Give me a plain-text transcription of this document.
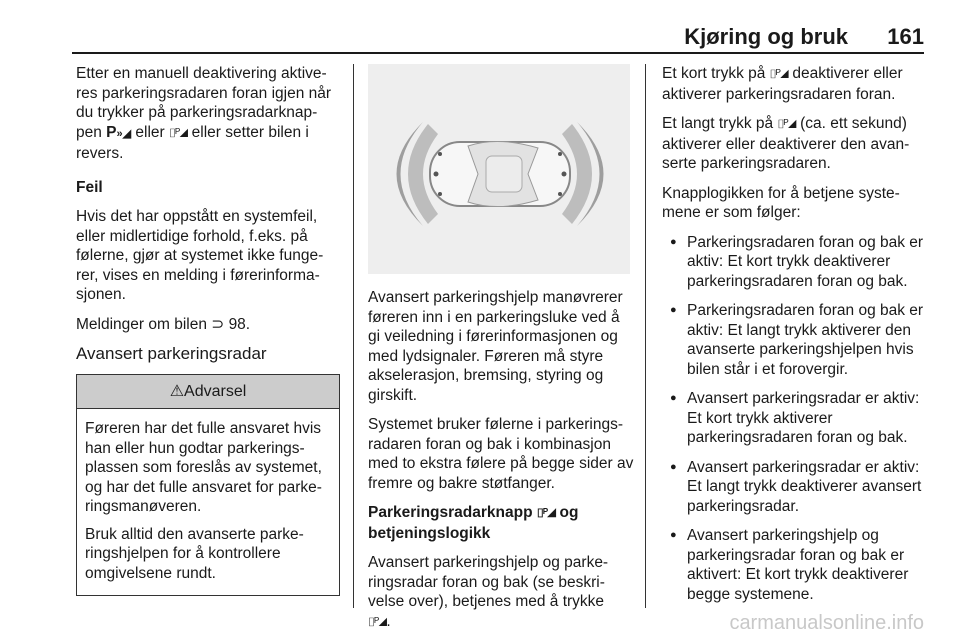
Kjøring og bruk 161

Etter en manuell deaktivering aktive-res parkeringsradaren foran igjen når du trykker på parkeringsradarknap-pen P»◢ eller ⌷ᴾ◢ eller setter bilen i revers.

Feil

Hvis det har oppstått en systemfeil, eller midlertidige forhold, f.eks. på følerne, gjør at systemet ikke funge-rer, vises en melding i førerinforma-sjonen.

Meldinger om bilen ⊃ 98.

Avansert parkeringsradar

⚠Advarsel

Føreren har det fulle ansvaret hvis han eller hun godtar parkerings-plassen som foreslås av systemet, og har det fulle ansvaret for parke-ringsmanøveren.

Bruk alltid den avanserte parke-ringshjelpen for å kontrollere omgivelsene rundt.

Avansert parkeringshjelp manøvrerer føreren inn i en parkeringsluke ved å gi veiledning i førerinformasjonen og med lydsignaler. Føreren må styre akselerasjon, bremsing, styring og girskift.

Systemet bruker følerne i parkerings-radaren foran og bak i kombinasjon med to ekstra følere på begge sider av fremre og bakre støtfanger.

Parkeringsradarknapp ⌷ᴾ◢ og betjeningslogikk

Avansert parkeringshjelp og parke-ringsradar foran og bak (se beskri-velse over), betjenes med å trykke
⌷ᴾ◢.

Et kort trykk på ⌷ᴾ◢ deaktiverer eller aktiverer parkeringsradaren foran.

Et langt trykk på ⌷ᴾ◢ (ca. ett sekund) aktiverer eller deaktiverer den avan-serte parkeringsradaren.

Knapplogikken for å betjene syste-mene er som følger:

● Parkeringsradaren foran og bak er aktiv: Et kort trykk deaktiverer parkeringsradaren foran og bak.
● Parkeringsradaren foran og bak er aktiv: Et langt trykk aktiverer den avanserte parkeringshjelpen hvis bilen står i et forovergir.
● Avansert parkeringsradar er aktiv: Et kort trykk aktiverer parkeringsradaren foran og bak.
● Avansert parkeringsradar er aktiv: Et langt trykk deaktiverer avansert parkeringsradar.
● Avansert parkeringshjelp og parkeringsradar foran og bak er aktivert: Et kort trykk deaktiverer begge systemene.
carmanualsonline.info
